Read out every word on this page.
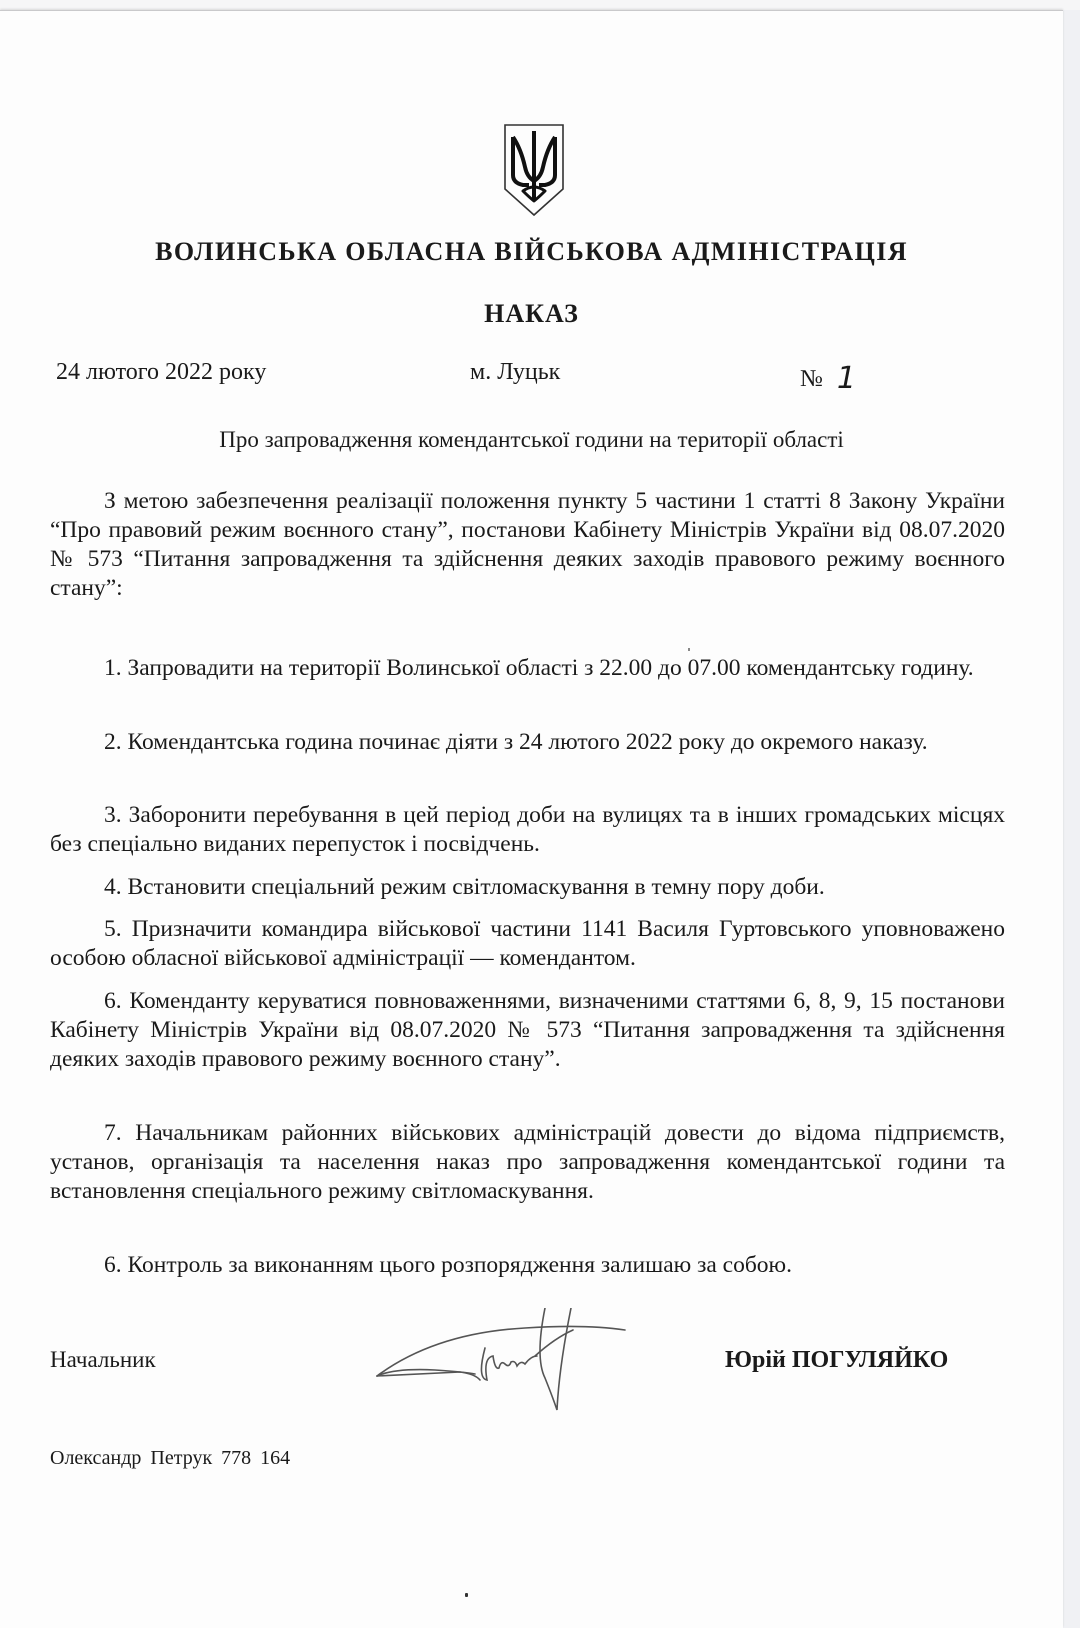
ВОЛИНСЬКА ОБЛАСНА ВІЙСЬКОВА АДМІНІСТРАЦІЯ
НАКАЗ
24 лютого 2022 року	м. Луцьк	№ 1
Про запровадження комендантської години на території області

З метою забезпечення реалізації положення пункту 5 частини 1 статті 8 Закону України “Про правовий режим воєнного стану”, постанови Кабінету Міністрів України від 08.07.2020 № 573 “Питання запровадження та здійснення деяких заходів правового режиму воєнного стану”:

1. Запровадити на території Волинської області з 22.00 до 07.00 комендантську годину.

2. Комендантська година починає діяти з 24 лютого 2022 року до окремого наказу.

3. Заборонити перебування в цей період доби на вулицях та в інших громадських місцях без спеціально виданих перепусток і посвідчень.

4. Встановити спеціальний режим світломаскування в темну пору доби.

5. Призначити командира військової частини 1141 Василя Гуртовського уповноважено особою обласної військової адміністрації — комендантом.

6. Коменданту керуватися повноваженнями, визначеними статтями 6, 8, 9, 15 постанови Кабінету Міністрів України від 08.07.2020 № 573 “Питання запровадження та здійснення деяких заходів правового режиму воєнного стану”.

7. Начальникам районних військових адміністрацій довести до відома підприємств, установ, організація та населення наказ про запровадження комендантської години та встановлення спеціального режиму світломаскування.

6. Контроль за виконанням цього розпорядження залишаю за собою.

Начальник	Юрій ПОГУЛЯЙКО
Олександр Петрук 778 164
